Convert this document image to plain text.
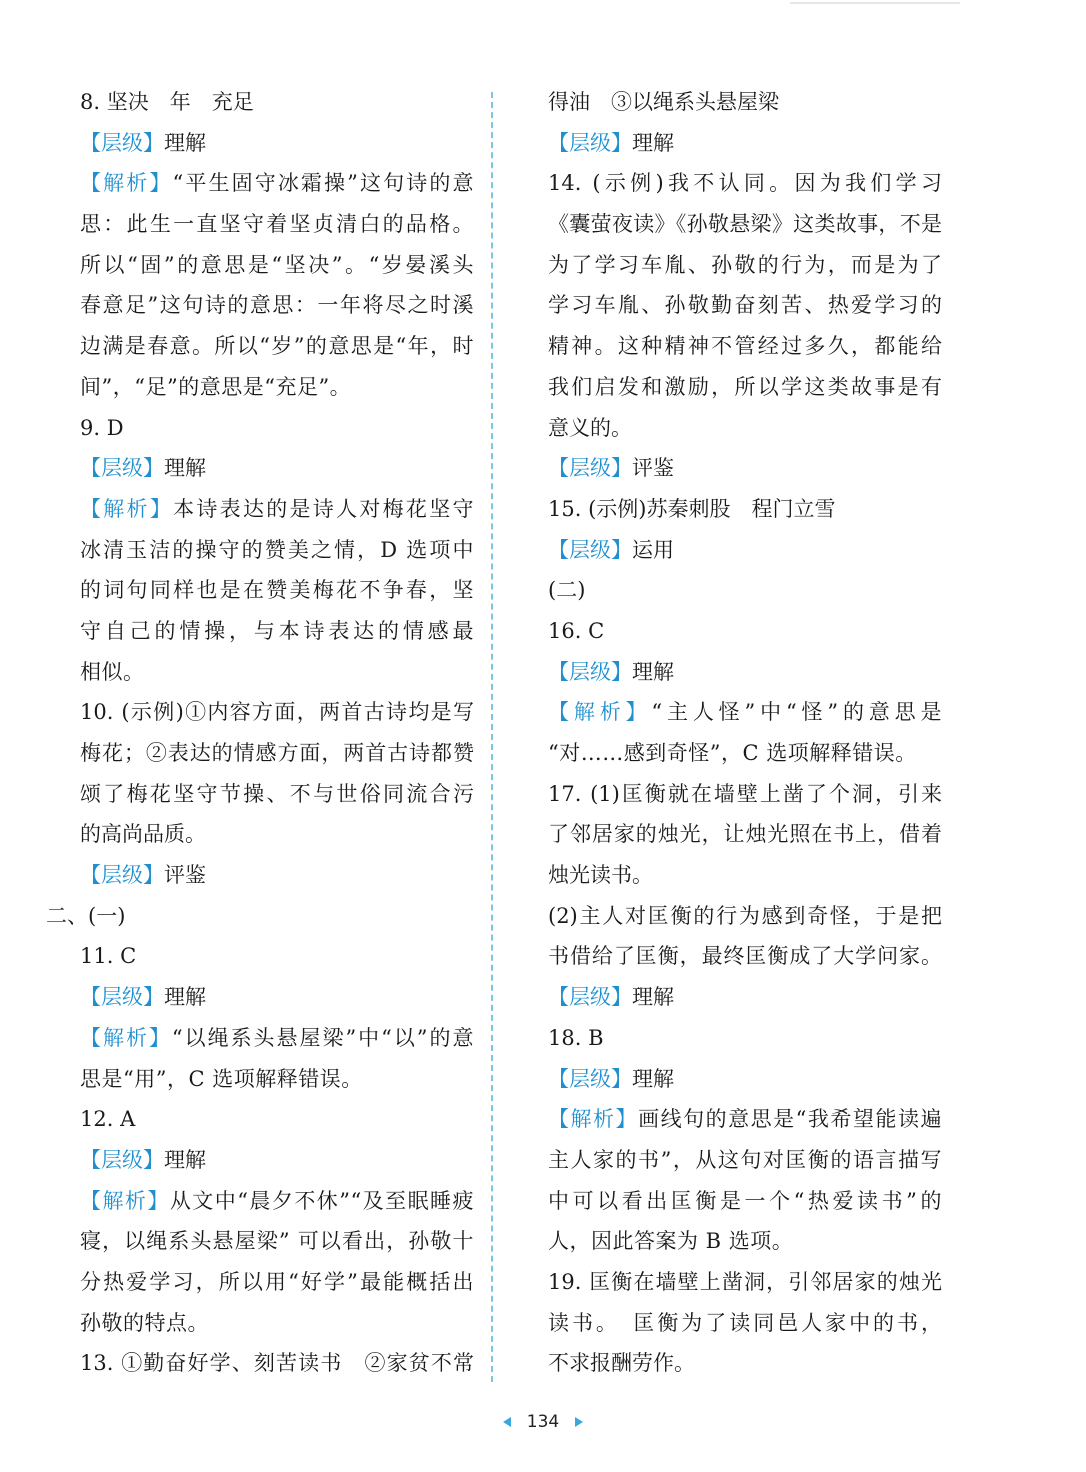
8. 坚决　年　充足
【层级】理解
【解析】“平生固守冰霜操”这句诗的意
思：此生一直坚守着坚贞清白的品格。
所以“固”的意思是“坚决”。“岁晏溪头
春意足”这句诗的意思：一年将尽之时溪
边满是春意。所以“岁”的意思是“年，时
间”，“足”的意思是“充足”。
9. D
【层级】理解
【解析】本诗表达的是诗人对梅花坚守
冰清玉洁的操守的赞美之情，D 选项中
的词句同样也是在赞美梅花不争春，坚
守自己的情操，与本诗表达的情感最
相似。
10. (示例)①内容方面，两首古诗均是写
梅花；②表达的情感方面，两首古诗都赞
颂了梅花坚守节操、不与世俗同流合污
的高尚品质。
【层级】评鉴
二、(一)
11. C
【层级】理解
【解析】“以绳系头悬屋梁”中“以”的意
思是“用”，C 选项解释错误。
12. A
【层级】理解
【解析】从文中“晨夕不休”“及至眠睡疲
寝，以绳系头悬屋梁” 可以看出，孙敬十
分热爱学习，所以用“好学”最能概括出
孙敬的特点。
13. ①勤奋好学、刻苦读书　②家贫不常
得油　③以绳系头悬屋梁
【层级】理解
14. (示例)我不认同。因为我们学习
《囊萤夜读》《孙敬悬梁》这类故事，不是
为了学习车胤、孙敬的行为，而是为了
学习车胤、孙敬勤奋刻苦、热爱学习的
精神。这种精神不管经过多久，都能给
我们启发和激励，所以学这类故事是有
意义的。
【层级】评鉴
15. (示例)苏秦刺股　程门立雪
【层级】运用
(二)
16. C
【层级】理解
【解析】“主人怪”中“怪”的意思是
“对……感到奇怪”，C 选项解释错误。
17. (1)匡衡就在墙壁上凿了个洞，引来
了邻居家的烛光，让烛光照在书上，借着
烛光读书。
(2)主人对匡衡的行为感到奇怪，于是把
书借给了匡衡，最终匡衡成了大学问家。
【层级】理解
18. B
【层级】理解
【解析】画线句的意思是“我希望能读遍
主人家的书”，从这句对匡衡的语言描写
中可以看出匡衡是一个“热爱读书”的
人，因此答案为 B 选项。
19. 匡衡在墙壁上凿洞，引邻居家的烛光
读书。　匡衡为了读同邑人家中的书，
不求报酬劳作。
134
